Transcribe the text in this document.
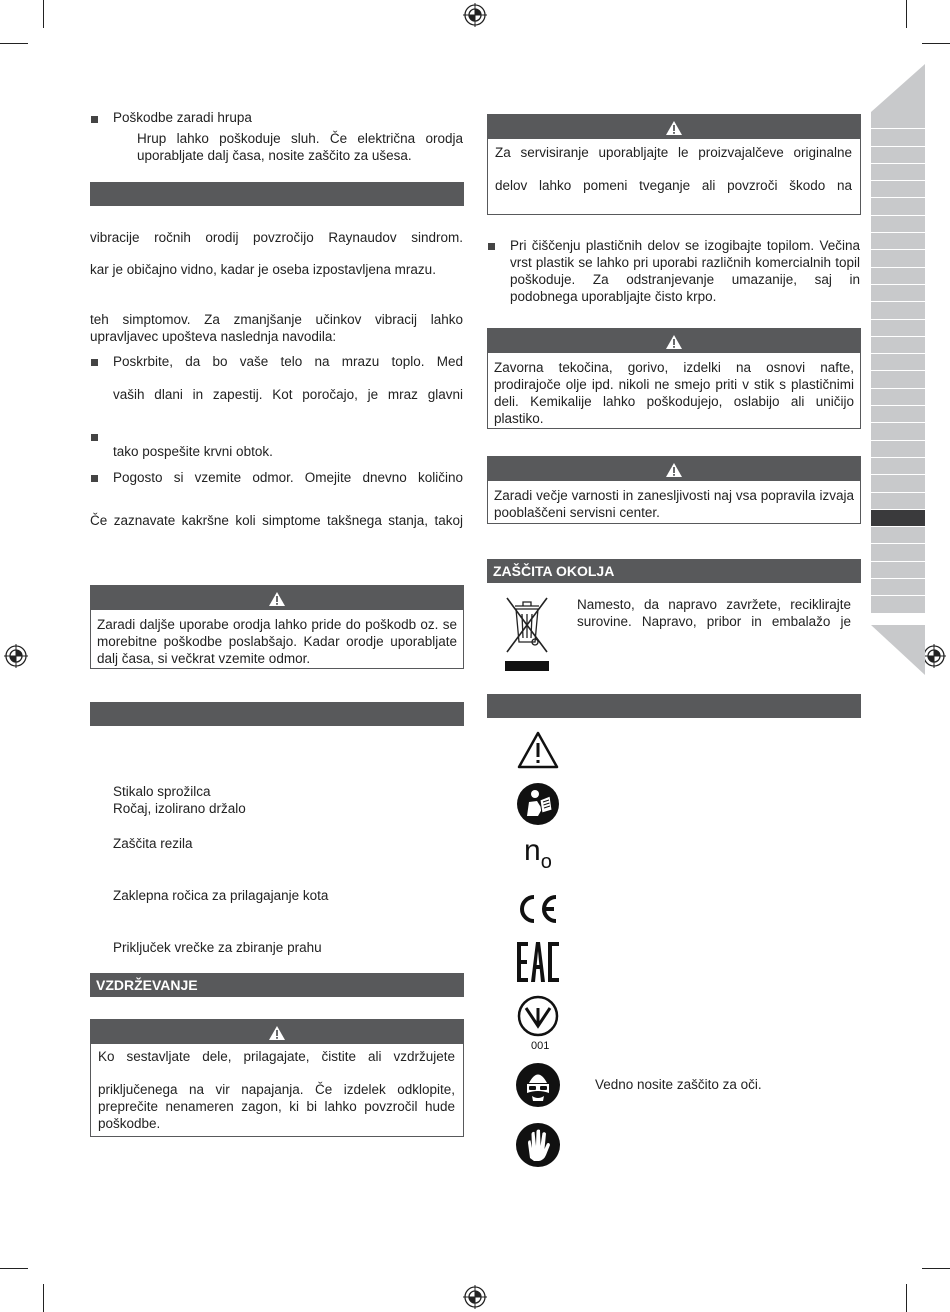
Poškodbe zaradi hrupa
Hrup lahko poškoduje sluh. Če električna orodja uporabljate dalj časa, nosite zaščito za ušesa.
vibracije ročnih orodij povzročijo Raynaudov sindrom.
kar je običajno vidno, kadar je oseba izpostavljena mrazu.
teh simptomov. Za zmanjšanje učinkov vibracij lahko upravljavec upošteva naslednja navodila:
Poskrbite, da bo vaše telo na mrazu toplo. Med
vaših dlani in zapestij. Kot poročajo, je mraz glavni
tako pospešite krvni obtok.
Pogosto si vzemite odmor. Omejite dnevno količino
Če zaznavate kakršne koli simptome takšnega stanja, takoj
Zaradi daljše uporabe orodja lahko pride do poškodb oz. se morebitne poškodbe poslabšajo. Kadar orodje uporabljate dalj časa, si večkrat vzemite odmor.
Stikalo sprožilca
Ročaj, izolirano držalo
Zaščita rezila
Zaklepna ročica za prilagajanje kota
Priključek vrečke za zbiranje prahu
VZDRŽEVANJE
Ko sestavljate dele, prilagajate, čistite ali vzdržujete
priključenega na vir napajanja. Če izdelek odklopite, preprečite nenameren zagon, ki bi lahko povzročil hude poškodbe.
Za servisiranje uporabljajte le proizvajalčeve originalne
delov lahko pomeni tveganje ali povzroči škodo na
Pri čiščenju plastičnih delov se izogibajte topilom. Večina vrst plastik se lahko pri uporabi različnih komercialnih topil poškoduje. Za odstranjevanje umazanije, saj in podobnega uporabljajte čisto krpo.
Zavorna tekočina, gorivo, izdelki na osnovi nafte, prodirajoče olje ipd. nikoli ne smejo priti v stik s plastičnimi deli. Kemikalije lahko poškodujejo, oslabijo ali uničijo plastiko.
Zaradi večje varnosti in zanesljivosti naj vsa popravila izvaja pooblaščeni servisni center.
ZAŠČITA OKOLJA
Namesto, da napravo zavržete, reciklirajte surovine. Napravo, pribor in embalažo je
$n_o$
001
Vedno nosite zaščito za oči.
